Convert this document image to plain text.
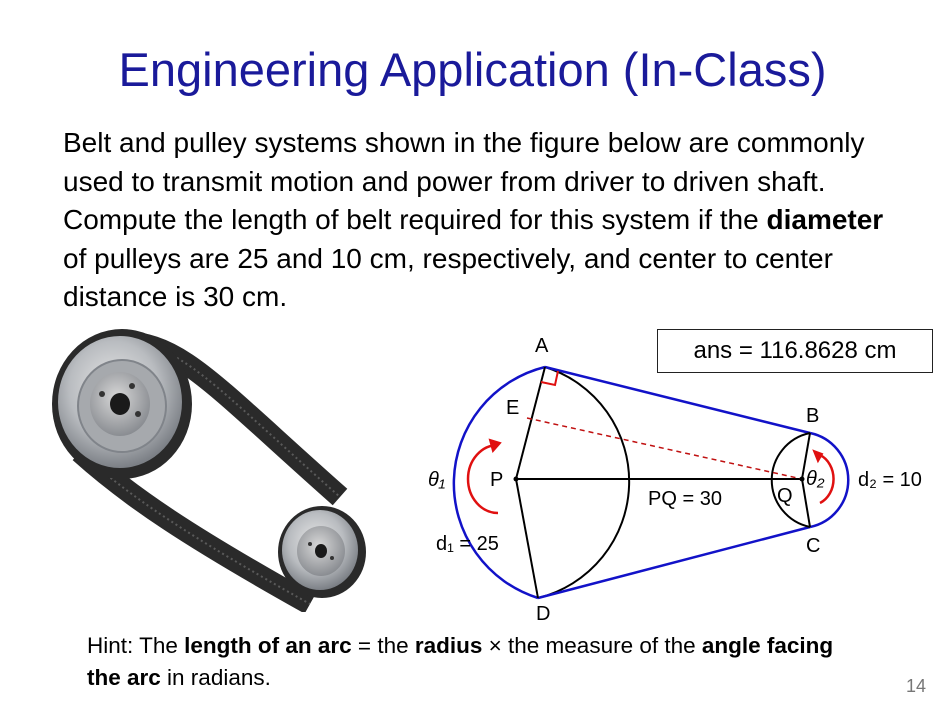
Engineering Application (In-Class)
Belt and pulley systems shown in the figure below are commonly used to transmit motion and power from driver to driven shaft. Compute the length of belt required for this system if the diameter of pulleys are 25 and 10 cm, respectively, and center to center distance is 30 cm.
A
E	B
P
Q
C
D
θ₁	θ₂
PQ = 30
d₁ = 25
d₂ = 10
ans = 116.8628 cm
Hint: The length of an arc = the radius × the measure of the angle facing the arc in radians.	14
